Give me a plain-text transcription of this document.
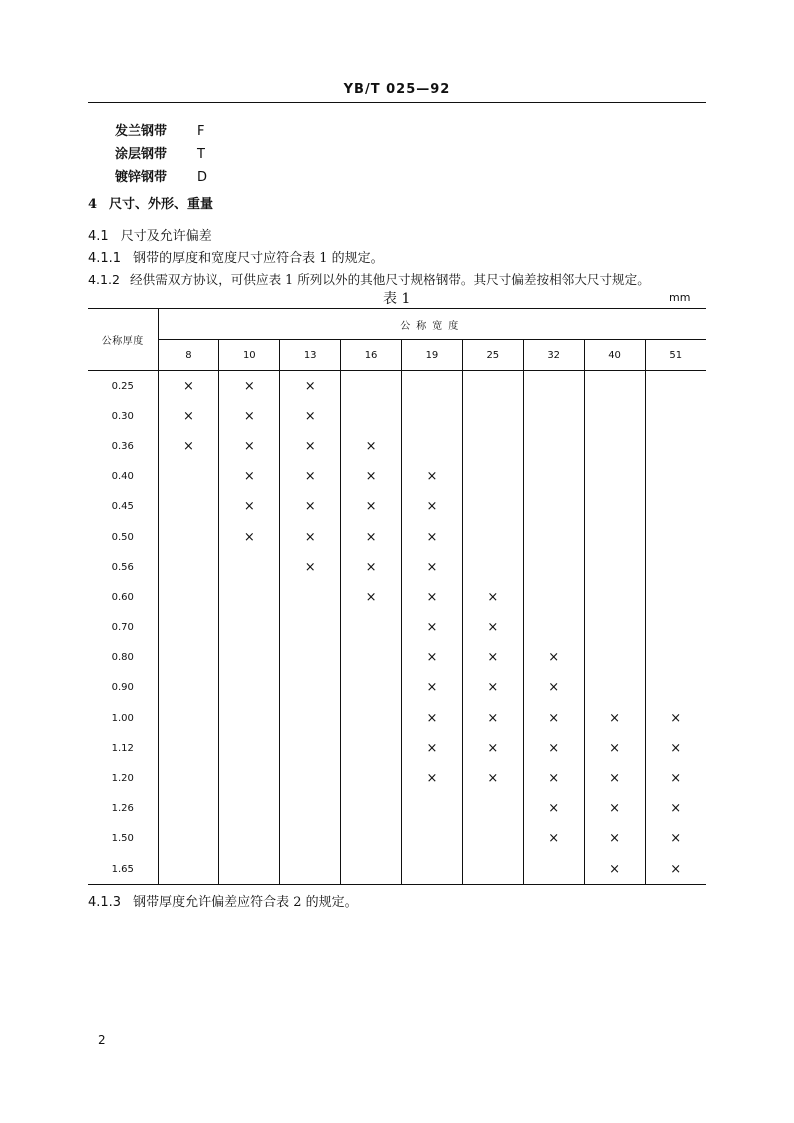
YB/T 025—92
发兰钢带 F
涂层钢带 T
镀锌钢带 D
4 尺寸、外形、重量
4.1 尺寸及允许偏差
4.1.1 钢带的厚度和宽度尺寸应符合表 1 的规定。
4.1.2 经供需双方协议，可供应表 1 所列以外的其他尺寸规格钢带。其尺寸偏差按相邻大尺寸规定。
表 1	mm
公称厚度	公称宽度								
	8	10	13	16	19	25	32	40	51
0.25	×	×	×						
0.30	×	×	×						
0.36	×	×	×	×					
0.40		×	×	×	×				
0.45		×	×	×	×				
0.50		×	×	×	×				
0.56			×	×	×				
0.60				×	×	×			
0.70					×	×			
0.80					×	×	×		
0.90					×	×	×		
1.00					×	×	×	×	×
1.12					×	×	×	×	×
1.20					×	×	×	×	×
1.26							×	×	×
1.50							×	×	×
1.65								×	×
4.1.3 钢带厚度允许偏差应符合表 2 的规定。
2
